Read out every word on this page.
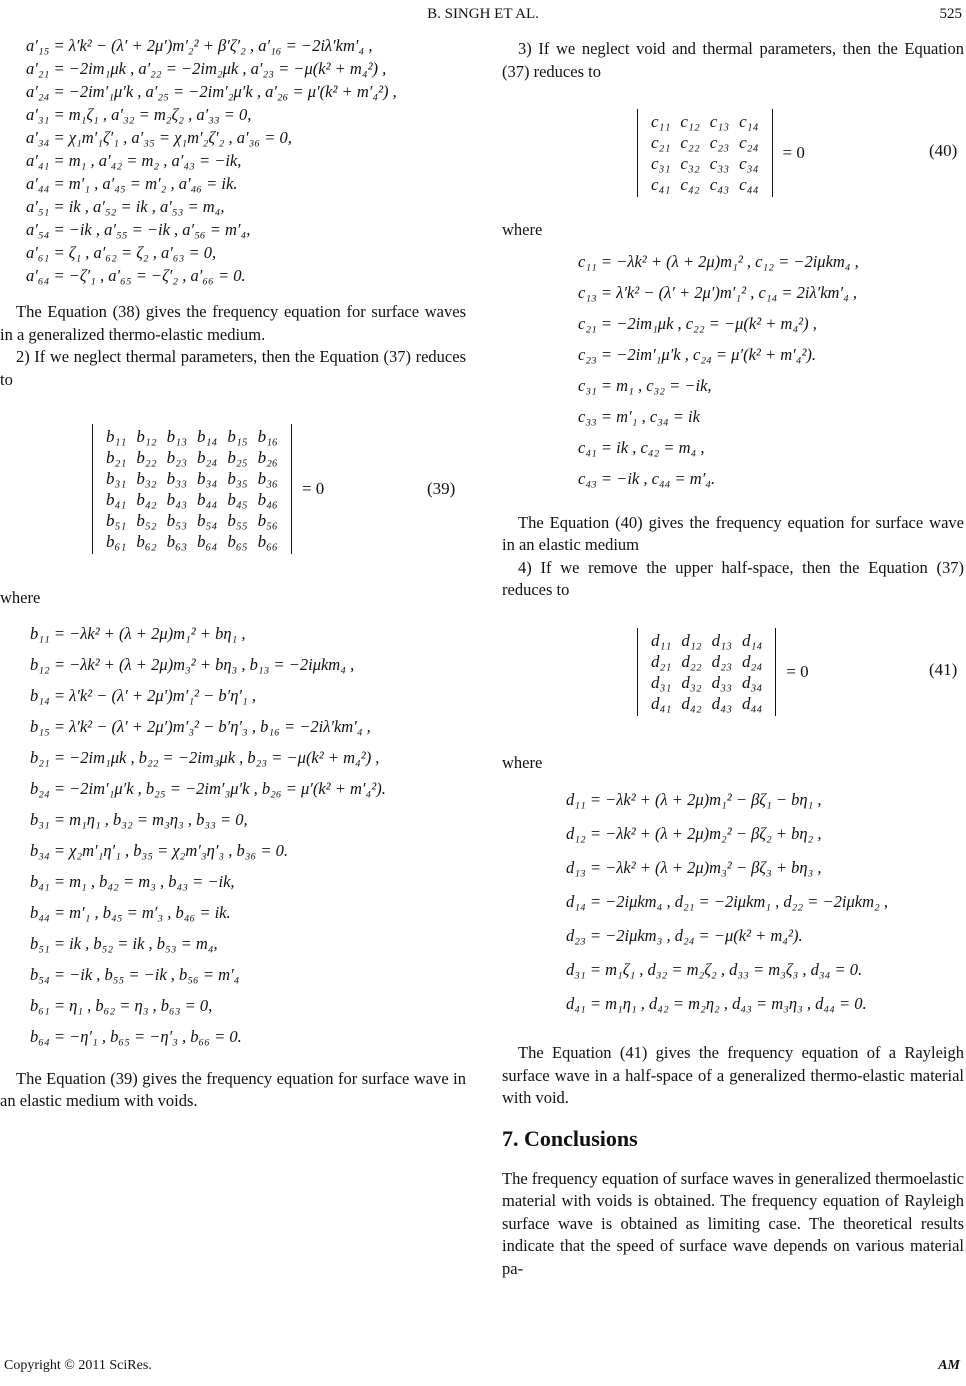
B. SINGH ET AL.	525
a′₁₅ = λ′k² − (λ′ + 2μ′)m′₂² + β′ζ′₂ , a′₁₆ = −2iλ′km′₄ ,
a′₂₁ = −2im₁μk , a′₂₂ = −2im₂μk , a′₂₃ = −μ(k² + m₄²) ,
a′₂₄ = −2im′₁μ′k , a′₂₅ = −2im′₂μ′k , a′₂₆ = μ′(k² + m′₄²) ,
a′₃₁ = m₁ζ₁ , a′₃₂ = m₂ζ₂ , a′₃₃ = 0,
a′₃₄ = χ₁m′₁ζ′₁ , a′₃₅ = χ₁m′₂ζ′₂ , a′₃₆ = 0,
a′₄₁ = m₁ , a′₄₂ = m₂ , a′₄₃ = −ik,
a′₄₄ = m′₁ , a′₄₅ = m′₂ , a′₄₆ = ik.
a′₅₁ = ik , a′₅₂ = ik , a′₅₃ = m₄,
a′₅₄ = −ik , a′₅₅ = −ik , a′₅₆ = m′₄,
a′₆₁ = ζ₁ , a′₆₂ = ζ₂ , a′₆₃ = 0,
a′₆₄ = −ζ′₁ , a′₆₅ = −ζ′₂ , a′₆₆ = 0.

The Equation (38) gives the frequency equation for surface waves in a generalized thermo-elastic medium.

2) If we neglect thermal parameters, then the Equation (37) reduces to

b₁₁	b₁₂	b₁₃	b₁₄	b₁₅	b₁₆
b₂₁	b₂₂	b₂₃	b₂₄	b₂₅	b₂₆
b₃₁	b₃₂	b₃₃	b₃₄	b₃₅	b₃₆
b₄₁	b₄₂	b₄₃	b₄₄	b₄₅	b₄₆
b₅₁	b₅₂	b₅₃	b₅₄	b₅₅	b₅₆
b₆₁	b₆₂	b₆₃	b₆₄	b₆₅	b₆₆
= 0	(39)

where

b₁₁ = −λk² + (λ + 2μ)m₁² + bη₁ ,
b₁₂ = −λk² + (λ + 2μ)m₃² + bη₃ , b₁₃ = −2iμkm₄ ,
b₁₄ = λ′k² − (λ′ + 2μ′)m′₁² − b′η′₁ ,
b₁₅ = λ′k² − (λ′ + 2μ′)m′₃² − b′η′₃ , b₁₆ = −2iλ′km′₄ ,
b₂₁ = −2im₁μk , b₂₂ = −2im₃μk , b₂₃ = −μ(k² + m₄²) ,
b₂₄ = −2im′₁μ′k , b₂₅ = −2im′₃μ′k , b₂₆ = μ′(k² + m′₄²).
b₃₁ = m₁η₁ , b₃₂ = m₃η₃ , b₃₃ = 0,
b₃₄ = χ₂m′₁η′₁ , b₃₅ = χ₂m′₃η′₃ , b₃₆ = 0.
b₄₁ = m₁ , b₄₂ = m₃ , b₄₃ = −ik,
b₄₄ = m′₁ , b₄₅ = m′₃ , b₄₆ = ik.
b₅₁ = ik , b₅₂ = ik , b₅₃ = m₄,
b₅₄ = −ik , b₅₅ = −ik , b₅₆ = m′₄
b₆₁ = η₁ , b₆₂ = η₃ , b₆₃ = 0,
b₆₄ = −η′₁ , b₆₅ = −η′₃ , b₆₆ = 0.

The Equation (39) gives the frequency equation for surface wave in an elastic medium with voids.

3) If we neglect void and thermal parameters, then the Equation (37) reduces to

c₁₁	c₁₂	c₁₃	c₁₄
c₂₁	c₂₂	c₂₃	c₂₄
c₃₁	c₃₂	c₃₃	c₃₄
c₄₁	c₄₂	c₄₃	c₄₄
= 0	(40)

where

c₁₁ = −λk² + (λ + 2μ)m₁² , c₁₂ = −2iμkm₄ ,
c₁₃ = λ′k² − (λ′ + 2μ′)m′₁² , c₁₄ = 2iλ′km′₄ ,
c₂₁ = −2im₁μk , c₂₂ = −μ(k² + m₄²) ,
c₂₃ = −2im′₁μ′k , c₂₄ = μ′(k² + m′₄²).
c₃₁ = m₁ , c₃₂ = −ik,
c₃₃ = m′₁ , c₃₄ = ik
c₄₁ = ik , c₄₂ = m₄ ,
c₄₃ = −ik , c₄₄ = m′₄.

The Equation (40) gives the frequency equation for surface wave in an elastic medium

4) If we remove the upper half-space, then the Equation (37) reduces to

d₁₁	d₁₂	d₁₃	d₁₄
d₂₁	d₂₂	d₂₃	d₂₄
d₃₁	d₃₂	d₃₃	d₃₄
d₄₁	d₄₂	d₄₃	d₄₄
= 0	(41)

where

d₁₁ = −λk² + (λ + 2μ)m₁² − βζ₁ − bη₁ ,
d₁₂ = −λk² + (λ + 2μ)m₂² − βζ₂ + bη₂ ,
d₁₃ = −λk² + (λ + 2μ)m₃² − βζ₃ + bη₃ ,
d₁₄ = −2iμkm₄ , d₂₁ = −2iμkm₁ , d₂₂ = −2iμkm₂ ,
d₂₃ = −2iμkm₃ , d₂₄ = −μ(k² + m₄²).
d₃₁ = m₁ζ₁ , d₃₂ = m₂ζ₂ , d₃₃ = m₃ζ₃ , d₃₄ = 0.
d₄₁ = m₁η₁ , d₄₂ = m₂η₂ , d₄₃ = m₃η₃ , d₄₄ = 0.

The Equation (41) gives the frequency equation of a Rayleigh surface wave in a half-space of a generalized thermo-elastic material with void.

7. Conclusions

The frequency equation of surface waves in generalized thermoelastic material with voids is obtained. The frequency equation of Rayleigh surface wave is obtained as limiting case. The theoretical results indicate that the speed of surface wave depends on various material pa-

Copyright © 2011 SciRes.	AM
